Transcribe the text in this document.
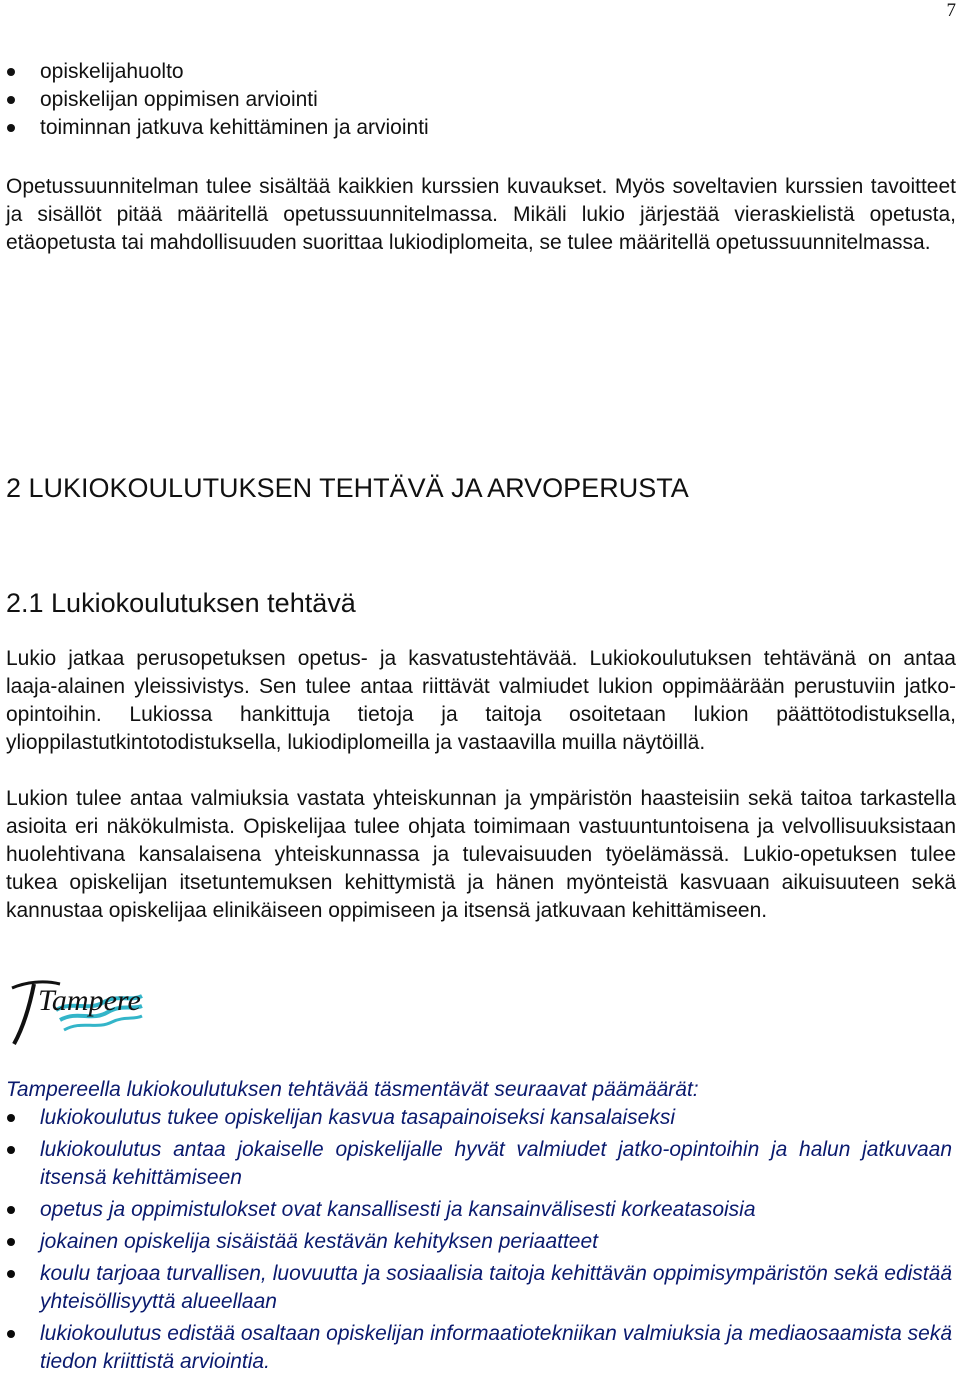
7
opiskelijahuolto
opiskelijan oppimisen arviointi
toiminnan jatkuva kehittäminen ja arviointi

Opetussuunnitelman tulee sisältää kaikkien kurssien kuvaukset. Myös soveltavien kurssien tavoitteet ja sisällöt pitää määritellä opetussuunnitelmassa. Mikäli lukio järjestää vieraskielistä opetusta, etäopetusta tai mahdollisuuden suorittaa lukiodiplomeita, se tulee määritellä opetussuunnitelmassa.

2 LUKIOKOULUTUKSEN TEHTÄVÄ JA ARVOPERUSTA
2.1 Lukiokoulutuksen tehtävä

Lukio jatkaa perusopetuksen opetus- ja kasvatustehtävää. Lukiokoulutuksen tehtävänä on antaa laaja-alainen yleissivistys. Sen tulee antaa riittävät valmiudet lukion oppimäärään perustuviin jatko-opintoihin. Lukiossa hankittuja tietoja ja taitoja osoitetaan lukion päättötodistuksella, ylioppilastutkintotodistuksella, lukiodiplomeilla ja vastaavilla muilla näytöillä.

Lukion tulee antaa valmiuksia vastata yhteiskunnan ja ympäristön haasteisiin sekä taitoa tarkastella asioita eri näkökulmista. Opiskelijaa tulee ohjata toimimaan vastuuntuntoisena ja velvollisuuksistaan huolehtivana kansalaisena yhteiskunnassa ja tulevaisuuden työelämässä. Lukio-opetuksen tulee tukea opiskelijan itsetuntemuksen kehittymistä ja hänen myönteistä kasvuaan aikuisuuteen sekä kannustaa opiskelijaa elinikäiseen oppimiseen ja itsensä jatkuvaan kehittämiseen.

Tampere

Tampereella lukiokoulutuksen tehtävää täsmentävät seuraavat päämäärät:

lukiokoulutus tukee opiskelijan kasvua tasapainoiseksi kansalaiseksi
lukiokoulutus antaa jokaiselle opiskelijalle hyvät valmiudet jatko-opintoihin ja halun jatkuvaan itsensä kehittämiseen
opetus ja oppimistulokset ovat kansallisesti ja kansainvälisesti korkeatasoisia
jokainen opiskelija sisäistää kestävän kehityksen periaatteet
koulu tarjoaa turvallisen, luovuutta ja sosiaalisia taitoja kehittävän oppimisympäristön sekä edistää yhteisöllisyyttä alueellaan
lukiokoulutus edistää osaltaan opiskelijan informaatiotekniikan valmiuksia ja mediaosaamista sekä tiedon kriittistä arviointia.
